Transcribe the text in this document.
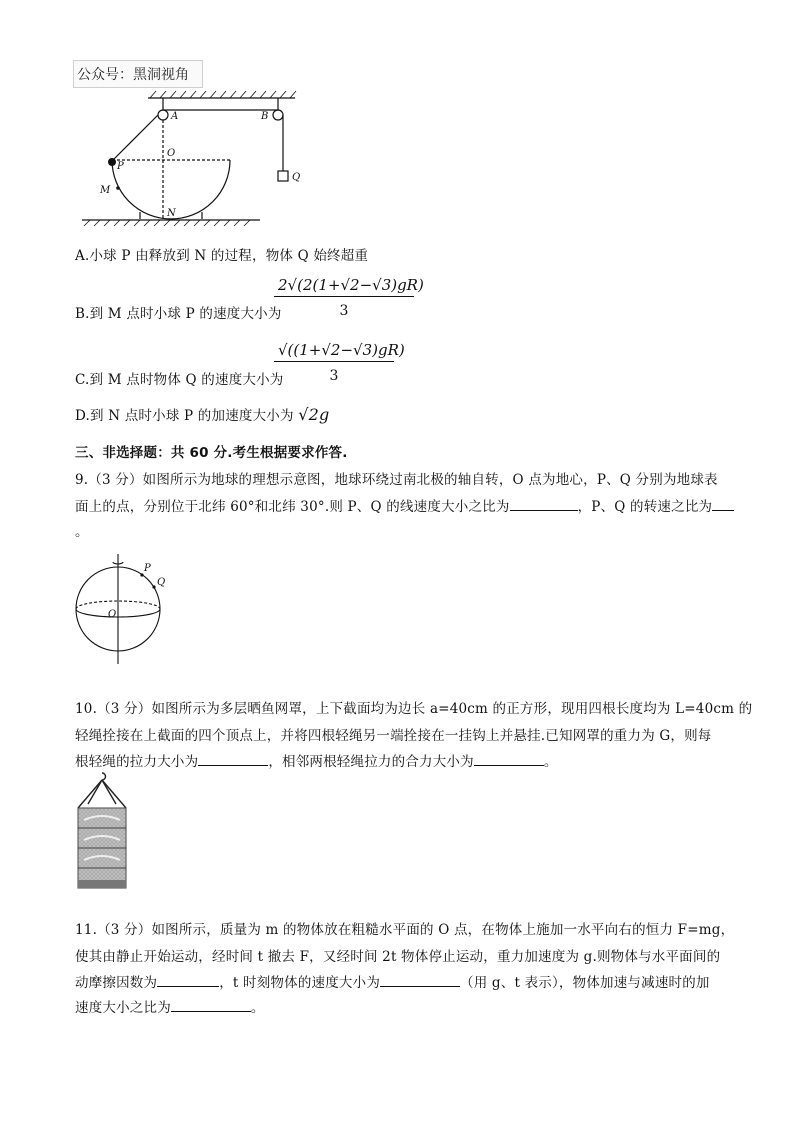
公众号：黑洞视角
A	B
O
P
M
N
Q
A.小球 P 由释放到 N 的过程，物体 Q 始终超重
B.到 M 点时小球 P 的速度大小为
2√(2(1+√2−√3)gR)
3
C.到 M 点时物体 Q 的速度大小为
√((1+√2−√3)gR)
3
D.到 N 点时小球 P 的加速度大小为 √2g
三、非选择题：共 60 分.考生根据要求作答.
9.（3 分）如图所示为地球的理想示意图，地球环绕过南北极的轴自转，O 点为地心，P、Q 分别为地球表
面上的点，分别位于北纬 60°和北纬 30°.则 P、Q 的线速度大小之比为	，P、Q 的转速之比为
。
P
Q
O
10.（3 分）如图所示为多层晒鱼网罩，上下截面均为边长 a=40cm 的正方形，现用四根长度均为 L=40cm 的
轻绳拴接在上截面的四个顶点上，并将四根轻绳另一端拴接在一挂钩上并悬挂.已知网罩的重力为 G，则每
根轻绳的拉力大小为	，相邻两根轻绳拉力的合力大小为	。
11.（3 分）如图所示，质量为 m 的物体放在粗糙水平面的 O 点，在物体上施加一水平向右的恒力 F=mg，
使其由静止开始运动，经时间 t 撤去 F，又经时间 2t 物体停止运动，重力加速度为 g.则物体与水平面间的
动摩擦因数为	，t 时刻物体的速度大小为	（用 g、t 表示），物体加速与减速时的加
速度大小之比为	。
